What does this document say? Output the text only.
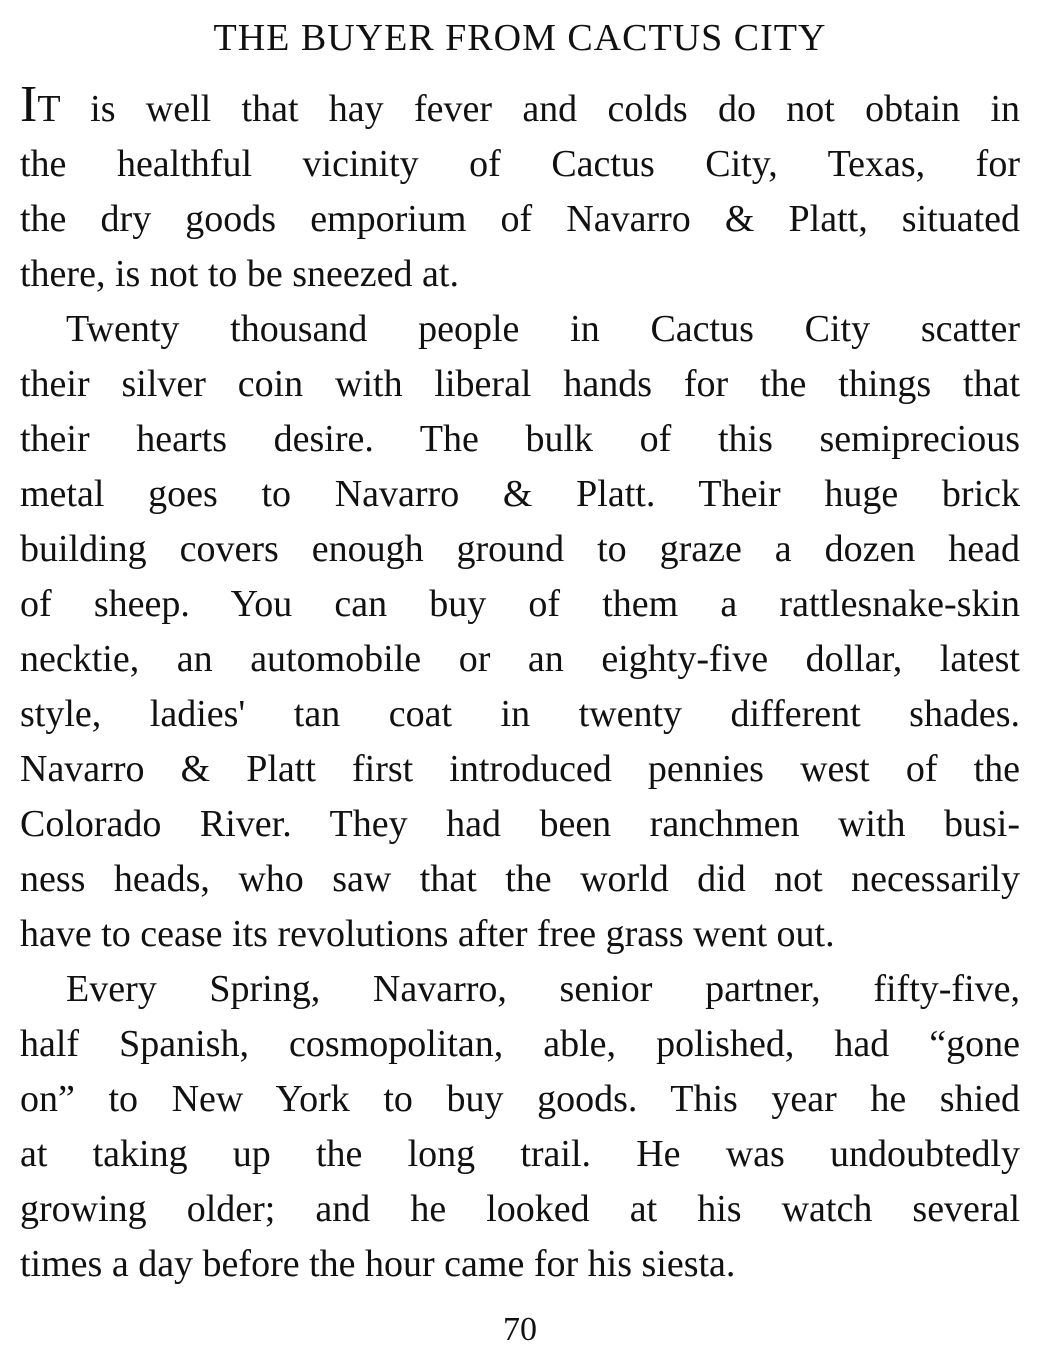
THE BUYER FROM CACTUS CITY

IT is well that hay fever and colds do not obtain in
the healthful vicinity of Cactus City, Texas, for
the dry goods emporium of Navarro & Platt, situated
there, is not to be sneezed at.

Twenty thousand people in Cactus City scatter
their silver coin with liberal hands for the things that
their hearts desire. The bulk of this semiprecious
metal goes to Navarro & Platt. Their huge brick
building covers enough ground to graze a dozen head
of sheep. You can buy of them a rattlesnake-skin
necktie, an automobile or an eighty-five dollar, latest
style, ladies' tan coat in twenty different shades.
Navarro & Platt first introduced pennies west of the
Colorado River. They had been ranchmen with busi-
ness heads, who saw that the world did not necessarily
have to cease its revolutions after free grass went out.

Every Spring, Navarro, senior partner, fifty-five,
half Spanish, cosmopolitan, able, polished, had “gone
on” to New York to buy goods. This year he shied
at taking up the long trail. He was undoubtedly
growing older; and he looked at his watch several
times a day before the hour came for his siesta.

70
